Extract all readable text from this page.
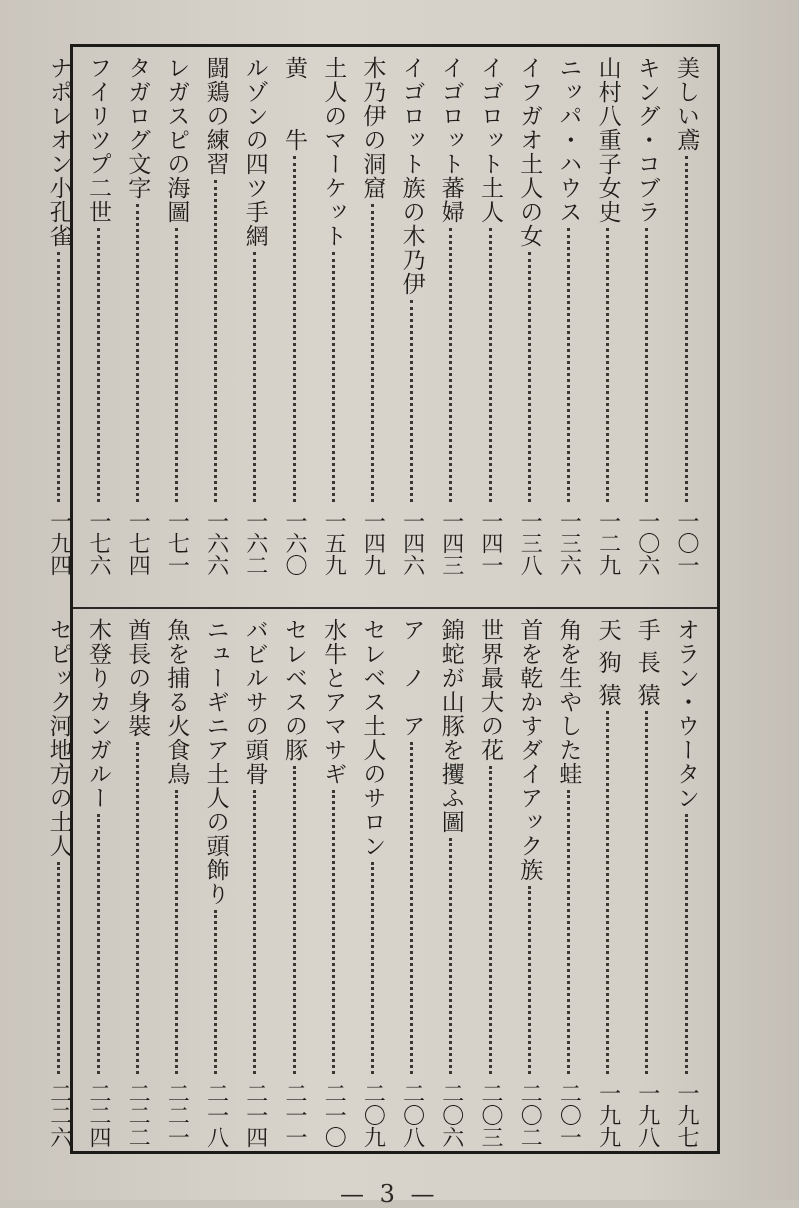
— 3 —
美しい鳶
一〇一
キング・コブラ
一〇六
山村八重子女史
一二九
ニッパ・ハウス
一三六
イフガオ土人の女
一三八
イゴロット土人
一四一
イゴロット蕃婦
一四三
イゴロット族の木乃伊
一四六
木乃伊の洞窟
一四九
土人のマーケット
一五九
黄　　牛
一六〇
ルゾンの四ツ手網
一六二
闘鶏の練習
一六六
レガスピの海圖
一七一
タガログ文字
一七四
フイリツプ二世
一七六
ナポレオン小孔雀
一九四
オラン・ウータン
一九七
手 長 猿
一九八
天 狗 猿
一九九
角を生やした蛙
二〇一
首を乾かすダイアック族
二〇二
世界最大の花
二〇三
錦蛇が山豚を攫ふ圖
二〇六
ア　ノ　ア
二〇八
セレベス土人のサロン
二〇九
水牛とアマサギ
二一〇
セレベスの豚
二一一
バビルサの頭骨
二一四
ニューギニア土人の頭飾り
二一八
魚を捕る火食鳥
二二一
酋長の身裝
二二二
木登りカンガルー
二二四
セピック河地方の土人
二二六
